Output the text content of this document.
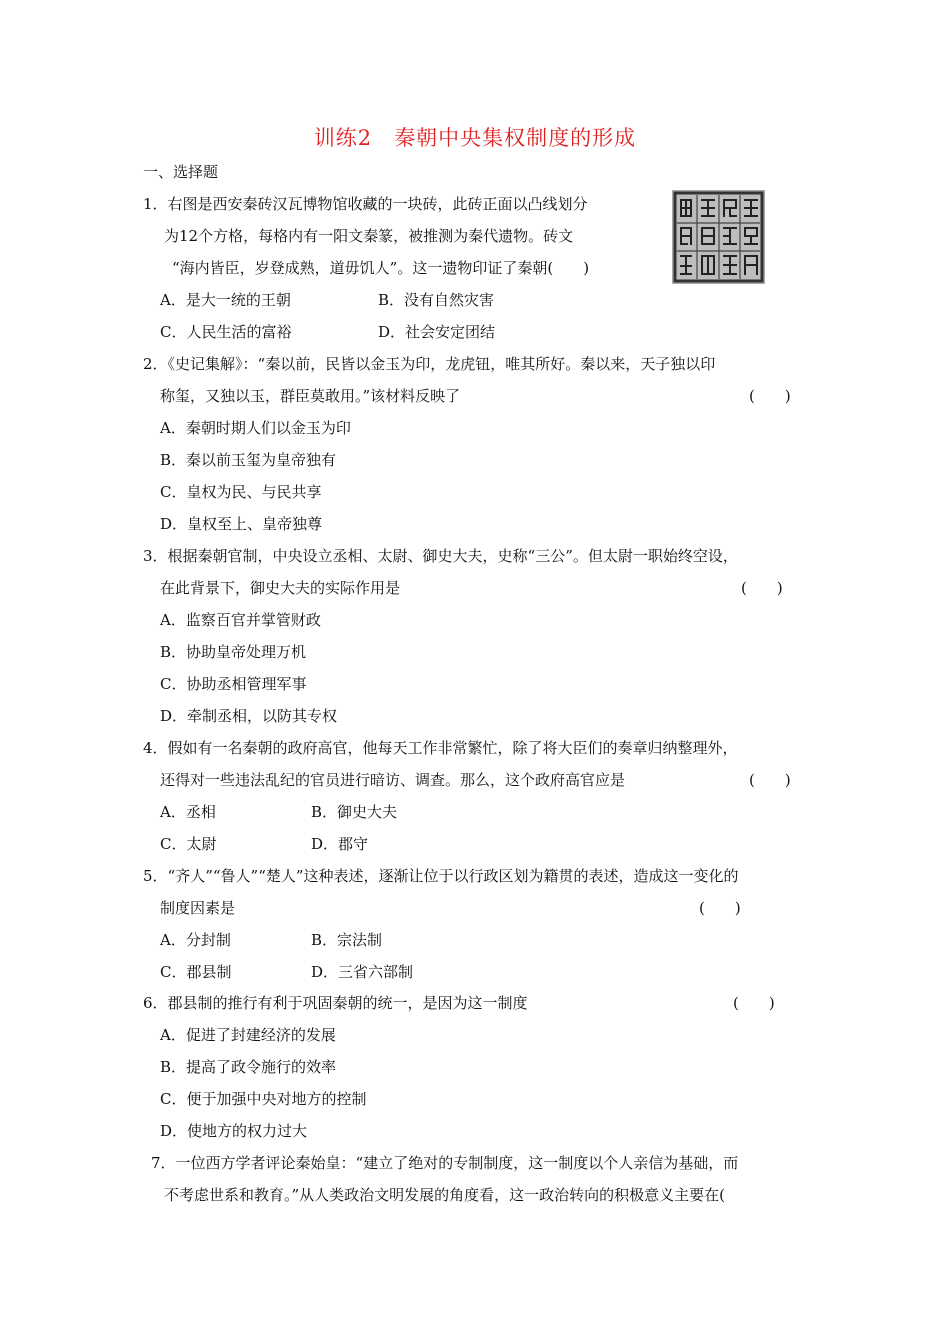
训练2 秦朝中央集权制度的形成
一、选择题
1．右图是西安秦砖汉瓦博物馆收藏的一块砖，此砖正面以凸线划分
为12个方格，每格内有一阳文秦篆，被推测为秦代遗物。砖文
“海内皆臣，岁登成熟，道毋饥人”。这一遗物印证了秦朝(　　)
A．是大一统的王朝	B．没有自然灾害
C．人民生活的富裕	D．社会安定团结
2．《史记集解》：“秦以前，民皆以金玉为印，龙虎钮，唯其所好。秦以来，天子独以印
称玺，又独以玉，群臣莫敢用。”该材料反映了	(　　)
A．秦朝时期人们以金玉为印
B．秦以前玉玺为皇帝独有
C．皇权为民、与民共享
D．皇权至上、皇帝独尊
3．根据秦朝官制，中央设立丞相、太尉、御史大夫，史称“三公”。但太尉一职始终空设，
在此背景下，御史大夫的实际作用是	(　　)
A．监察百官并掌管财政
B．协助皇帝处理万机
C．协助丞相管理军事
D．牵制丞相，以防其专权
4．假如有一名秦朝的政府高官，他每天工作非常繁忙，除了将大臣们的奏章归纳整理外，
还得对一些违法乱纪的官员进行暗访、调查。那么，这个政府高官应是	(　　)
A．丞相	B．御史大夫
C．太尉	D．郡守
5．“齐人”“鲁人”“楚人”这种表述，逐渐让位于以行政区划为籍贯的表述，造成这一变化的
制度因素是	(　　)
A．分封制	B．宗法制
C．郡县制	D．三省六部制
6．郡县制的推行有利于巩固秦朝的统一，是因为这一制度	(　　)
A．促进了封建经济的发展
B．提高了政令施行的效率
C．便于加强中央对地方的控制
D．使地方的权力过大
7．一位西方学者评论秦始皇：“建立了绝对的专制制度，这一制度以个人亲信为基础，而
不考虑世系和教育。”从人类政治文明发展的角度看，这一政治转向的积极意义主要在(
